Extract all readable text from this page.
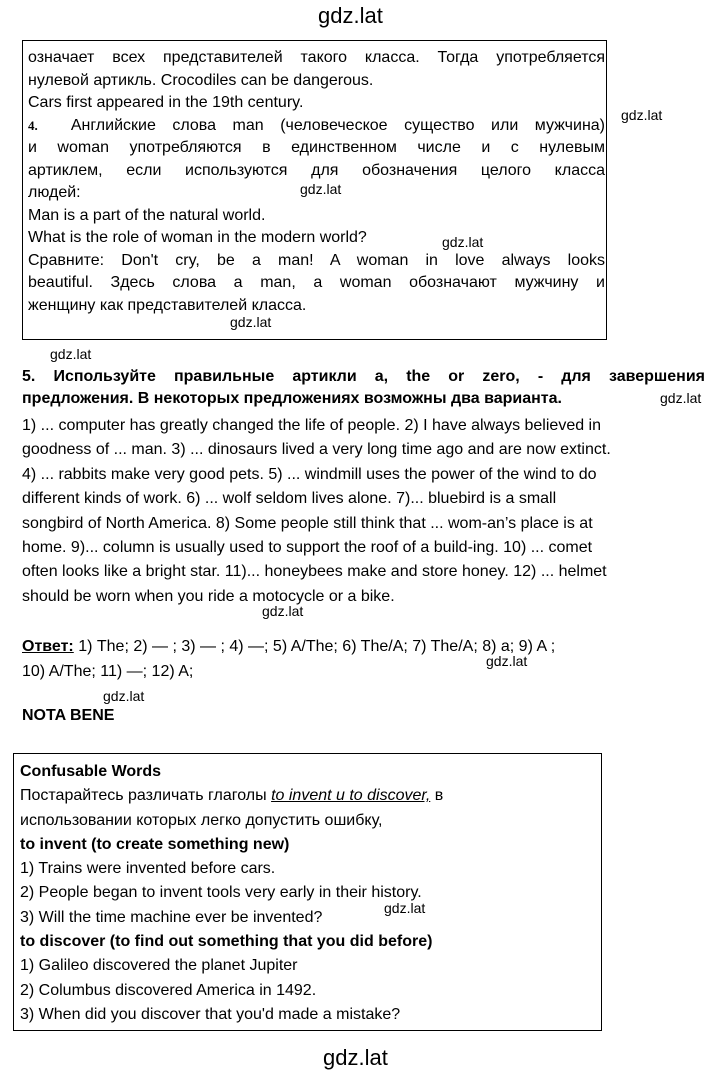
gdz.lat
gdz.lat
gdz.lat
gdz.lat
gdz.lat
gdz.lat
gdz.lat
gdz.lat
gdz.lat
gdz.lat
gdz.lat
gdz.lat

означает всех представителей такого класса. Тогда употребляется

нулевой артикль. Crocodiles can be dangerous.

Cars first appeared in the 19th century.

4. Английские слова man (человеческое существо или мужчина)

и woman употребляются в единственном числе и с нулевым

артиклем, если используются для обозначения целого класса

людей:

Man is a part of the natural world.

What is the role of woman in the modern world?

Сравните: Don't cry, be a man! A woman in love always looks

beautiful. Здесь слова a man, a woman обозначают мужчину и

женщину как представителей класса.

5. Используйте правильные артикли a, the or zero, - для завершения

предложения. В некоторых предложениях возможны два варианта.

1) ... computer has greatly changed the life of people. 2) I have always believed in

goodness of ... man. 3) ... dinosaurs lived a very long time ago and are now extinct.

4) ... rabbits make very good pets. 5) ... windmill uses the power of the wind to do

different kinds of work. 6) ... wolf seldom lives alone. 7)... bluebird is a small

songbird of North America. 8) Some people still think that ... wom-an’s place is at

home. 9)... column is usually used to support the roof of a build-ing. 10) ... comet

often looks like a bright star. 11)... honeybees make and store honey. 12) ... helmet

should be worn when you ride a motocycle or a bike.

Ответ: 1) The; 2) — ; 3) — ; 4) —; 5) A/The; 6) The/A; 7) The/A; 8) a; 9) A ;

10) A/The; 11) —; 12) A;

NOTA BENE

Confusable Words

Постарайтесь различать глаголы to invent u to discover, в

использовании которых легко допустить ошибку,

to invent (to create something new)

1) Trains were invented before cars.

2) People began to invent tools very early in their history.

3) Will the time machine ever be invented?

to discover (to find out something that you did before)

1) Galileo discovered the planet Jupiter

2) Columbus discovered America in 1492.

3) When did you discover that you'd made a mistake?
